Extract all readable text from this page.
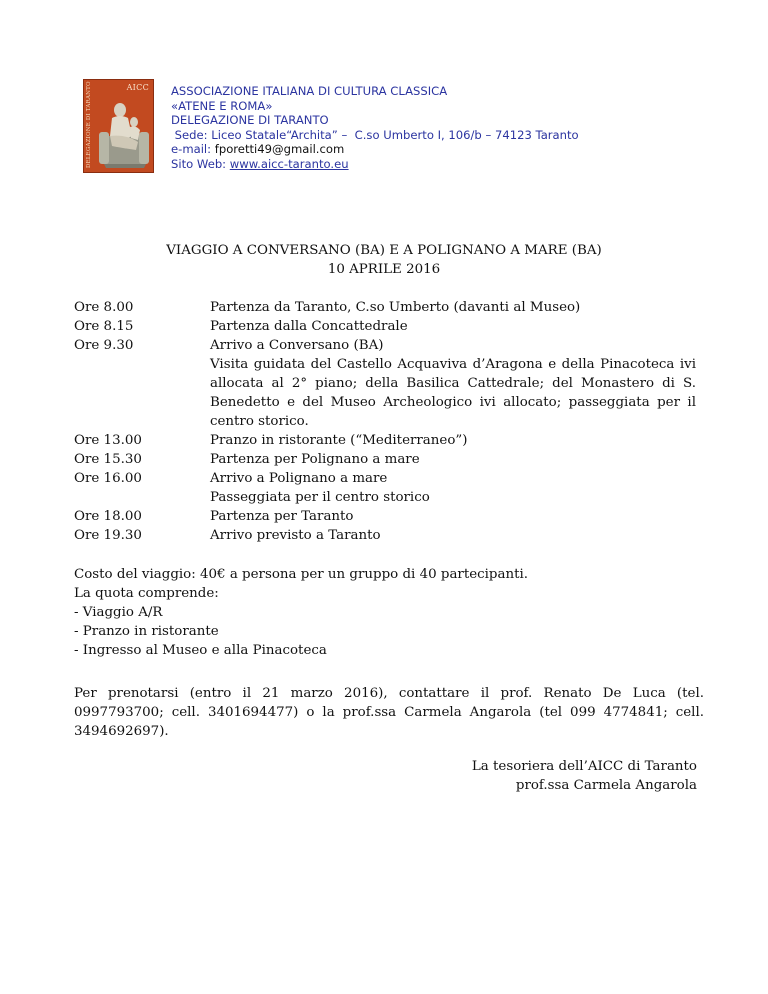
DELEGAZIONE DI TARANTO	AICC ASSOCIAZIONE ITALIANA DI CULTURA CLASSICA
«ATENE E ROMA»
DELEGAZIONE DI TARANTO
Sede: Liceo Statale“Archita” –  C.so Umberto I, 106/b – 74123 Taranto
e-mail: fporetti49@gmail.com
Sito Web: www.aicc-taranto.eu
VIAGGIO A CONVERSANO (BA) E A POLIGNANO A MARE (BA)
10 APRILE 2016
Ore 8.00	Partenza da Taranto, C.so Umberto (davanti al Museo)
Ore 8.15	Partenza dalla Concattedrale
Ore 9.30	Arrivo a Conversano (BA)
Visita guidata del Castello Acquaviva d’Aragona e della Pinacoteca ivi allocata al 2° piano; della Basilica Cattedrale; del Monastero di S. Benedetto e del Museo Archeologico ivi allocato; passeggiata per il centro storico.
Ore 13.00	Pranzo in ristorante (“Mediterraneo”)
Ore 15.30	Partenza per Polignano a mare
Ore 16.00	Arrivo a Polignano a mare
Passeggiata per il centro storico
Ore 18.00	Partenza per Taranto
Ore 19.30	Arrivo previsto a Taranto
Costo del viaggio: 40€ a persona per un gruppo di 40 partecipanti.
La quota comprende:
- Viaggio A/R
- Pranzo in ristorante
- Ingresso al Museo e alla Pinacoteca
Per prenotarsi (entro il 21 marzo 2016), contattare il prof. Renato De Luca (tel. 0997793700; cell. 3401694477) o la prof.ssa Carmela Angarola (tel 099 4774841; cell. 3494692697).
La tesoriera dell’AICC di Taranto
prof.ssa Carmela Angarola
